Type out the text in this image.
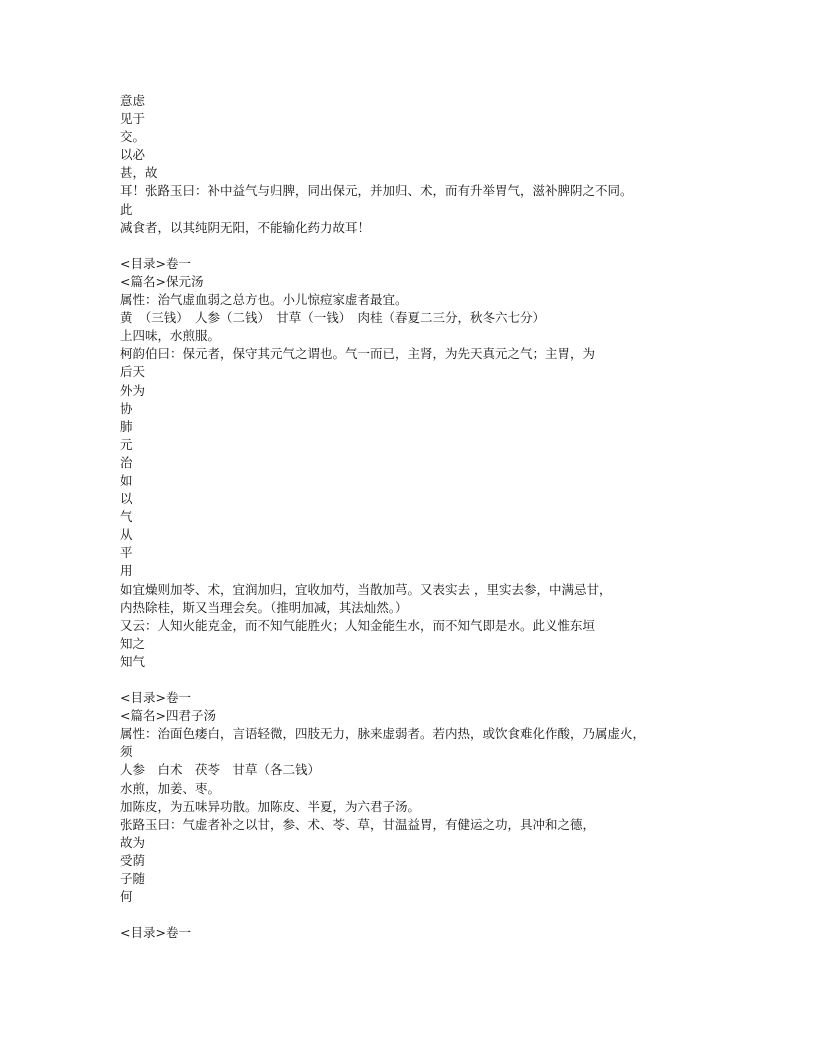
意虑
见于
交。
以必
甚，故
耳！张路玉曰：补中益气与归脾，同出保元，并加归、术，而有升举胃气，滋补脾阴之不同。
此
减食者，以其纯阴无阳，不能输化药力故耳！
<目录>卷一
<篇名>保元汤
属性：治气虚血弱之总方也。小儿惊痘家虚者最宜。
黄　（三钱）　人参（二钱）　甘草（一钱）　肉桂（春夏二三分，秋冬六七分）
上四味，水煎服。
柯韵伯曰：保元者，保守其元气之谓也。气一而已，主肾，为先天真元之气；主胃，为
后天
外为
协
肺
元
治
如
以
气
从
平
用
如宜燥则加苓、术，宜润加归，宜收加芍，当散加芎。又表实去 ，里实去参，中满忌甘，
内热除桂，斯又当理会矣。（推明加减，其法灿然。）
又云：人知火能克金，而不知气能胜火；人知金能生水，而不知气即是水。此义惟东垣
知之
知气
<目录>卷一
<篇名>四君子汤
属性：治面色痿白，言语轻微，四肢无力，脉来虚弱者。若内热，或饮食难化作酸，乃属虚火，
须
人参　白术　茯苓　甘草（各二钱）
水煎，加姜、枣。
加陈皮，为五味异功散。加陈皮、半夏，为六君子汤。
张路玉曰：气虚者补之以甘，参、术、苓、草，甘温益胃，有健运之功，具冲和之德，
故为
受荫
子随
何
<目录>卷一
